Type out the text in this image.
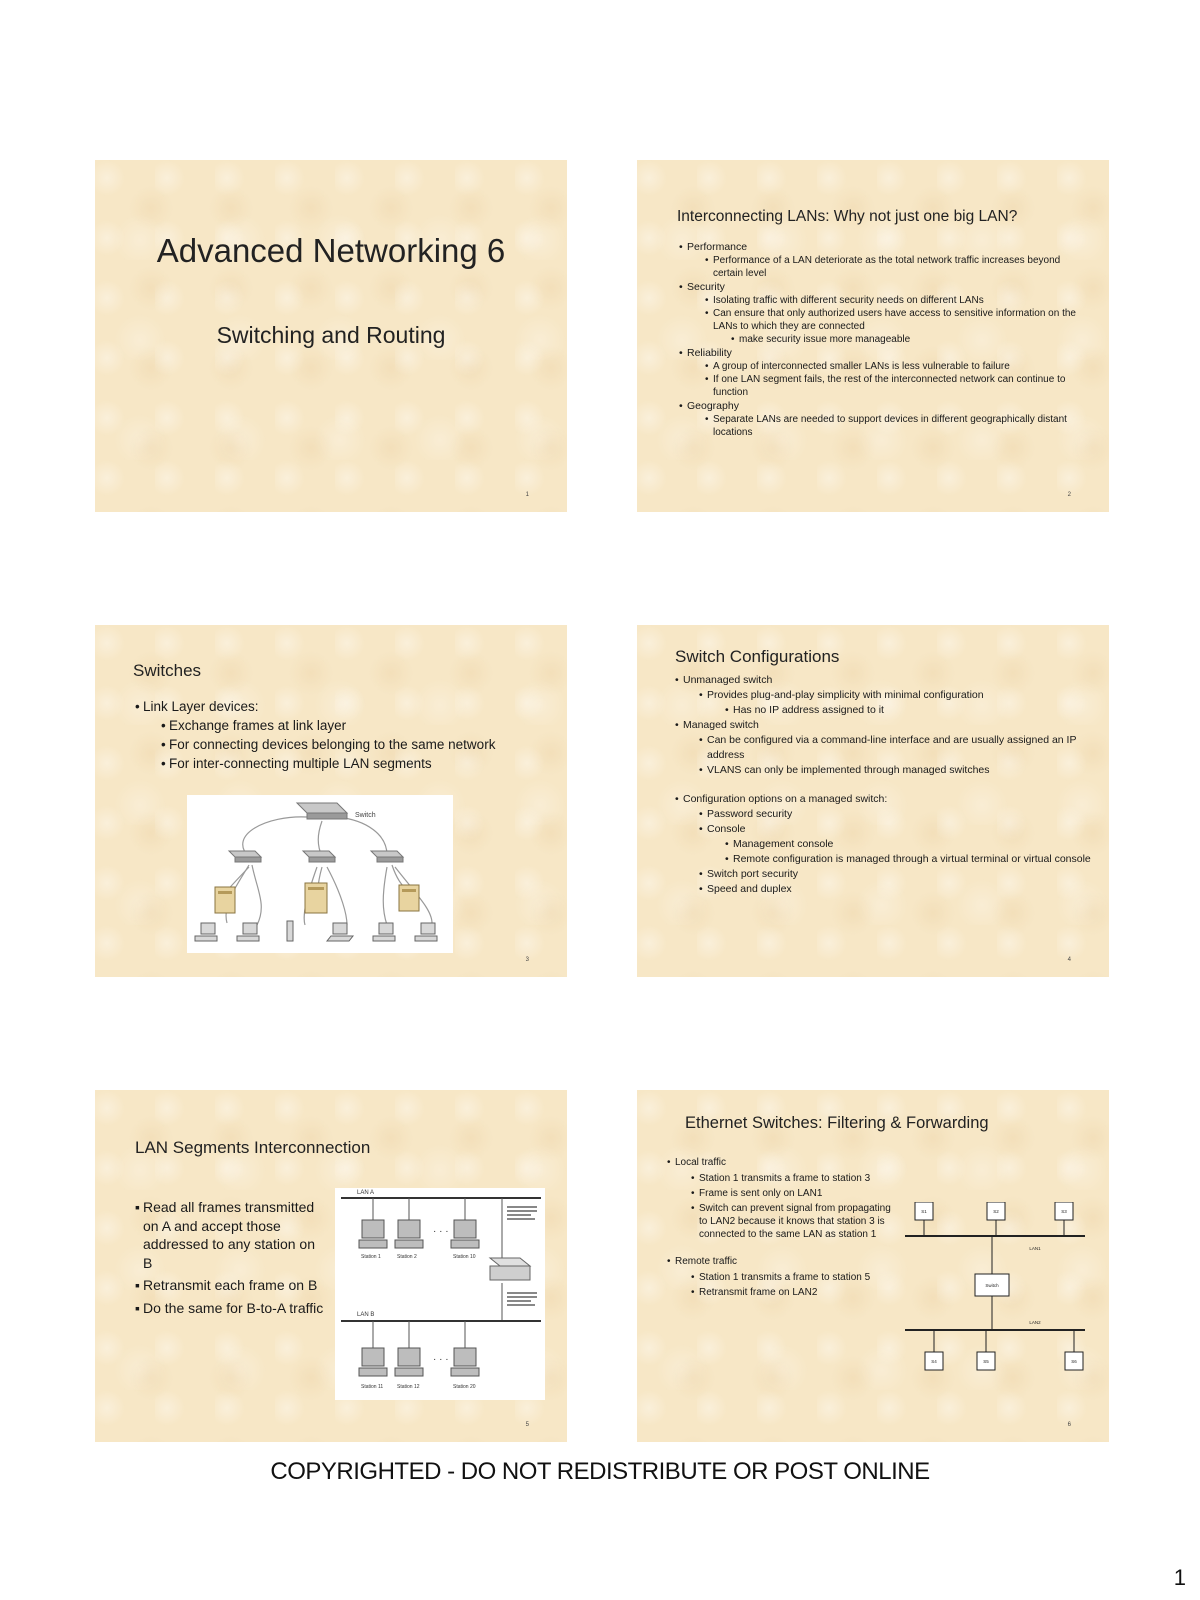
Advanced Networking 6
Switching and Routing
1
Interconnecting LANs: Why not just one big LAN?
• Performance
• Performance of a LAN deteriorate as the total network traffic increases beyond certain level
• Security
• Isolating traffic with different security needs on different LANs
• Can ensure that only authorized users have access to sensitive information on the LANs to which they are connected
• make security issue more manageable
• Reliability
• A group of interconnected smaller LANs is less vulnerable to failure
• If one LAN segment fails, the rest of the interconnected network can continue to function
• Geography
• Separate LANs are needed to support devices in different geographically distant locations
2
Switches
• Link Layer devices:
• Exchange frames at link layer
• For connecting devices belonging to the same network
• For inter-connecting multiple LAN segments
Switch
3
Switch Configurations
• Unmanaged switch
• Provides plug-and-play simplicity with minimal configuration
• Has no IP address assigned to it
• Managed switch
• Can be configured via a command-line interface and are usually assigned an IP address
• VLANS can only be implemented through managed switches
• Configuration options on a managed switch:
• Password security
• Console
• Management console
• Remote configuration is managed through a virtual terminal or virtual console
• Switch port security
• Speed and duplex
4
LAN Segments Interconnection
▪ Read all frames transmitted on A and accept those addressed to any station on B
▪ Retransmit each frame on B
▪ Do the same for B-to-A traffic
LAN A
· · ·
Station 1	Station 2	Station 10
LAN B
· · ·
Station 11	Station 12	Station 20
5
Ethernet Switches: Filtering & Forwarding
• Local traffic
• Station 1 transmits a frame to station 3
• Frame is sent only on LAN1
• Switch can prevent signal from propagating to LAN2 because it knows that station 3 is connected to the same LAN as station 1
• Remote traffic
• Station 1 transmits a frame to station 5
• Retransmit frame on LAN2
S1	S2	S3
Switch
S4	S5	S6
LAN1
LAN2
6
COPYRIGHTED - DO NOT REDISTRIBUTE OR POST ONLINE
1
